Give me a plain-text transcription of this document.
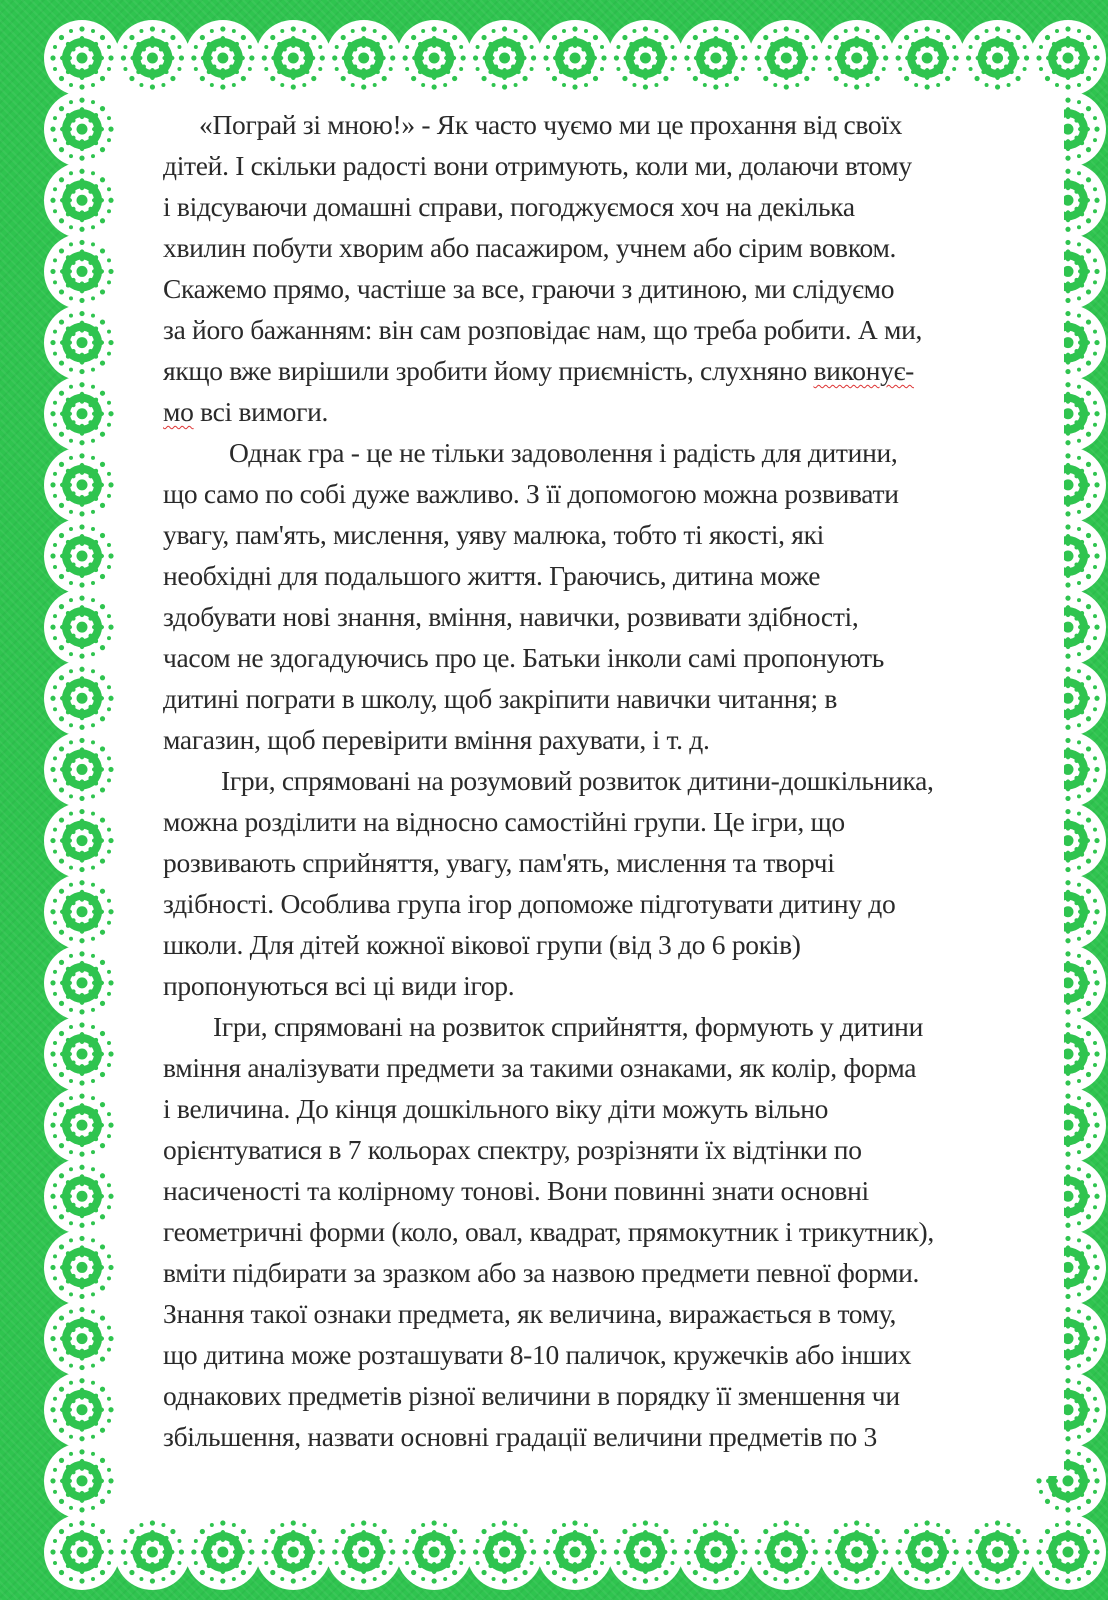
«Пограй зі мною!» - Як часто чуємо ми це прохання від своїх
дітей. І скільки радості вони отримують, коли ми, долаючи втому
і відсуваючи домашні справи, погоджуємося хоч на декілька
хвилин побути хворим або пасажиром, учнем або сірим вовком.
Скажемо прямо, частіше за все, граючи з дитиною, ми слідуємо
за його бажанням: він сам розповідає нам, що треба робити. А ми,
якщо вже вирішили зробити йому приємність, слухняно виконує-
мо всі вимоги.

Однак гра - це не тільки задоволення і радість для дитини,
що само по собі дуже важливо. З її допомогою можна розвивати
увагу, пам'ять, мислення, уяву малюка, тобто ті якості, які
необхідні для подальшого життя. Граючись, дитина може
здобувати нові знання, вміння, навички, розвивати здібності,
часом не здогадуючись про це. Батьки інколи самі пропонують
дитині пограти в школу, щоб закріпити навички читання; в
магазин, щоб перевірити вміння рахувати, і т. д.

Ігри, спрямовані на розумовий розвиток дитини-дошкільника,
можна розділити на відносно самостійні групи. Це ігри, що
розвивають сприйняття, увагу, пам'ять, мислення та творчі
здібності. Особлива група ігор допоможе підготувати дитину до
школи. Для дітей кожної вікової групи (від 3 до 6 років)
пропонуються всі ці види ігор.

Ігри, спрямовані на розвиток сприйняття, формують у дитини
вміння аналізувати предмети за такими ознаками, як колір, форма
і величина. До кінця дошкільного віку діти можуть вільно
орієнтуватися в 7 кольорах спектру, розрізняти їх відтінки по
насиченості та колірному тонові. Вони повинні знати основні
геометричні форми (коло, овал, квадрат, прямокутник і трикутник),
вміти підбирати за зразком або за назвою предмети певної форми.
Знання такої ознаки предмета, як величина, виражається в тому,
що дитина може розташувати 8-10 паличок, кружечків або інших
однакових предметів різної величини в порядку її зменшення чи
збільшення, назвати основні градації величини предметів по 3
